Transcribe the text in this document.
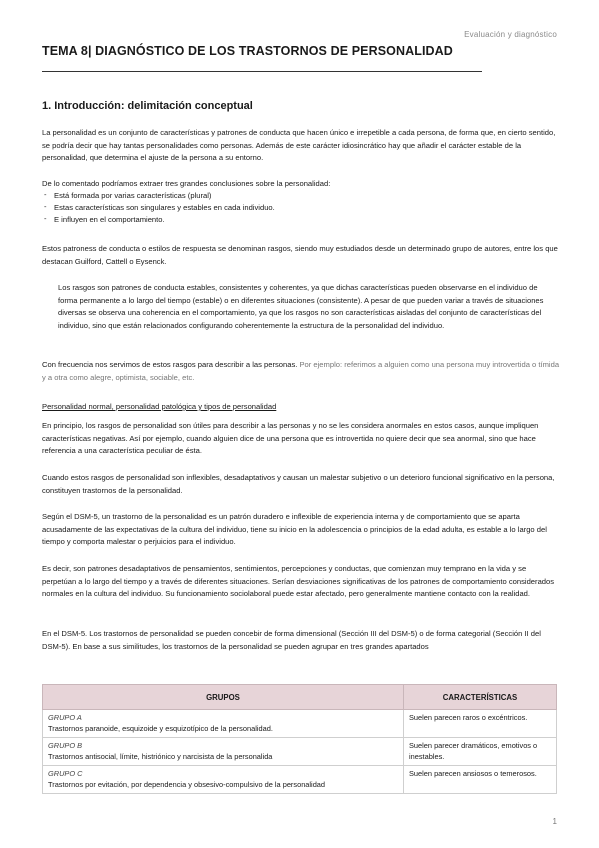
Evaluación y diagnóstico
TEMA 8| DIAGNÓSTICO DE LOS TRASTORNOS DE PERSONALIDAD
1. Introducción: delimitación conceptual
La personalidad es un conjunto de características y patrones de conducta que hacen único e irrepetible a cada persona, de forma que, en cierto sentido, se podría decir que hay tantas personalidades como personas. Además de este carácter idiosincrático hay que añadir el carácter estable de la personalidad, que determina el ajuste de la persona a su entorno.
De lo comentado podríamos extraer tres grandes conclusiones sobre la personalidad:
- Está formada por varias características (plural)
- Estas características son singulares y estables en cada individuo.
- E influyen en el comportamiento.
Estos patroness de conducta o estilos de respuesta se denominan rasgos, siendo muy estudiados desde un determinado grupo de autores, entre los que destacan Guilford, Cattell o Eysenck.
Los rasgos son patrones de conducta estables, consistentes y coherentes, ya que dichas características pueden observarse en el individuo de forma permanente a lo largo del tiempo (estable) o en diferentes situaciones (consistente). A pesar de que pueden variar a través de situaciones diversas se observa una coherencia en el comportamiento, ya que los rasgos no son características aisladas del conjunto de características del individuo, sino que están relacionados configurando coherentemente la estructura de la personalidad del individuo.
Con frecuencia nos servimos de estos rasgos para describir a las personas. Por ejemplo: referimos a alguien como una persona muy introvertida o tímida y a otra como alegre, optimista, sociable, etc.
Personalidad normal, personalidad patológica y tipos de personalidad
En principio, los rasgos de personalidad son útiles para describir a las personas y no se les considera anormales en estos casos, aunque impliquen características negativas. Así por ejemplo, cuando alguien dice de una persona que es introvertida no quiere decir que sea anormal, sino que hace referencia a una característica peculiar de ésta.
Cuando estos rasgos de personalidad son inflexibles, desadaptativos y causan un malestar subjetivo o un deterioro funcional significativo en la persona, constituyen trastornos de la personalidad.
Según el DSM-5, un trastorno de la personalidad es un patrón duradero e inflexible de experiencia interna y de comportamiento que se aparta acusadamente de las expectativas de la cultura del individuo, tiene su inicio en la adolescencia o principios de la edad adulta, es estable a lo largo del tiempo y comporta malestar o perjuicios para el individuo.
Es decir, son patrones desadaptativos de pensamientos, sentimientos, percepciones y conductas, que comienzan muy temprano en la vida y se perpetúan a lo largo del tiempo y a través de diferentes situaciones. Serían desviaciones significativas de los patrones de comportamiento considerados normales en la cultura del individuo. Su funcionamiento sociolaboral puede estar afectado, pero generalmente mantiene contacto con la realidad.
En el DSM-5. Los trastornos de personalidad se pueden concebir de forma dimensional (Sección III del DSM-5) o de forma categorial (Sección II del DSM-5). En base a sus similitudes, los trastornos de la personalidad se pueden agrupar en tres grandes apartados
GRUPOS	CARACTERÍSTICAS

GRUPO A
Trastornos paranoide, esquizoide y esquizotípico de la personalidad.	Suelen parecen raros o excéntricos.

GRUPO B
Trastornos antisocial, límite, histriónico y narcisista de la personalida	Suelen parecer dramáticos, emotivos o inestables.

GRUPO C
Trastornos por evitación, por dependencia y obsesivo-compulsivo de la personalidad	Suelen parecen ansiosos o temerosos.
1
